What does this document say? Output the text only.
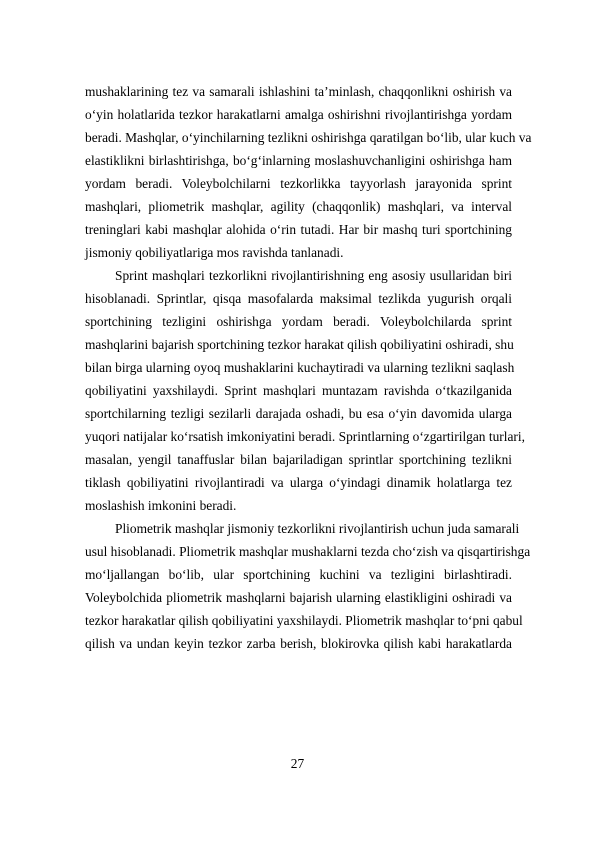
mushaklarining tez va samarali ishlashini ta’minlash, chaqqonlikni oshirish va
o‘yin holatlarida tezkor harakatlarni amalga oshirishni rivojlantirishga yordam
beradi. Mashqlar, o‘yinchilarning tezlikni oshirishga qaratilgan bo‘lib, ular kuch va
elastiklikni birlashtirishga, bo‘g‘inlarning moslashuvchanligini oshirishga ham
yordam beradi. Voleybolchilarni tezkorlikka tayyorlash jarayonida sprint
mashqlari, pliometrik mashqlar, agility (chaqqonlik) mashqlari, va interval
treninglari kabi mashqlar alohida o‘rin tutadi. Har bir mashq turi sportchining
jismoniy qobiliyatlariga mos ravishda tanlanadi.
Sprint mashqlari tezkorlikni rivojlantirishning eng asosiy usullaridan biri
hisoblanadi. Sprintlar, qisqa masofalarda maksimal tezlikda yugurish orqali
sportchining tezligini oshirishga yordam beradi. Voleybolchilarda sprint
mashqlarini bajarish sportchining tezkor harakat qilish qobiliyatini oshiradi, shu
bilan birga ularning oyoq mushaklarini kuchaytiradi va ularning tezlikni saqlash
qobiliyatini yaxshilaydi. Sprint mashqlari muntazam ravishda o‘tkazilganida
sportchilarning tezligi sezilarli darajada oshadi, bu esa o‘yin davomida ularga
yuqori natijalar ko‘rsatish imkoniyatini beradi. Sprintlarning o‘zgartirilgan turlari,
masalan, yengil tanaffuslar bilan bajariladigan sprintlar sportchining tezlikni
tiklash qobiliyatini rivojlantiradi va ularga o‘yindagi dinamik holatlarga tez
moslashish imkonini beradi.
Pliometrik mashqlar jismoniy tezkorlikni rivojlantirish uchun juda samarali
usul hisoblanadi. Pliometrik mashqlar mushaklarni tezda cho‘zish va qisqartirishga
mo‘ljallangan bo‘lib, ular sportchining kuchini va tezligini birlashtiradi.
Voleybolchida pliometrik mashqlarni bajarish ularning elastikligini oshiradi va
tezkor harakatlar qilish qobiliyatini yaxshilaydi. Pliometrik mashqlar to‘pni qabul
qilish va undan keyin tezkor zarba berish, blokirovka qilish kabi harakatlarda
27
